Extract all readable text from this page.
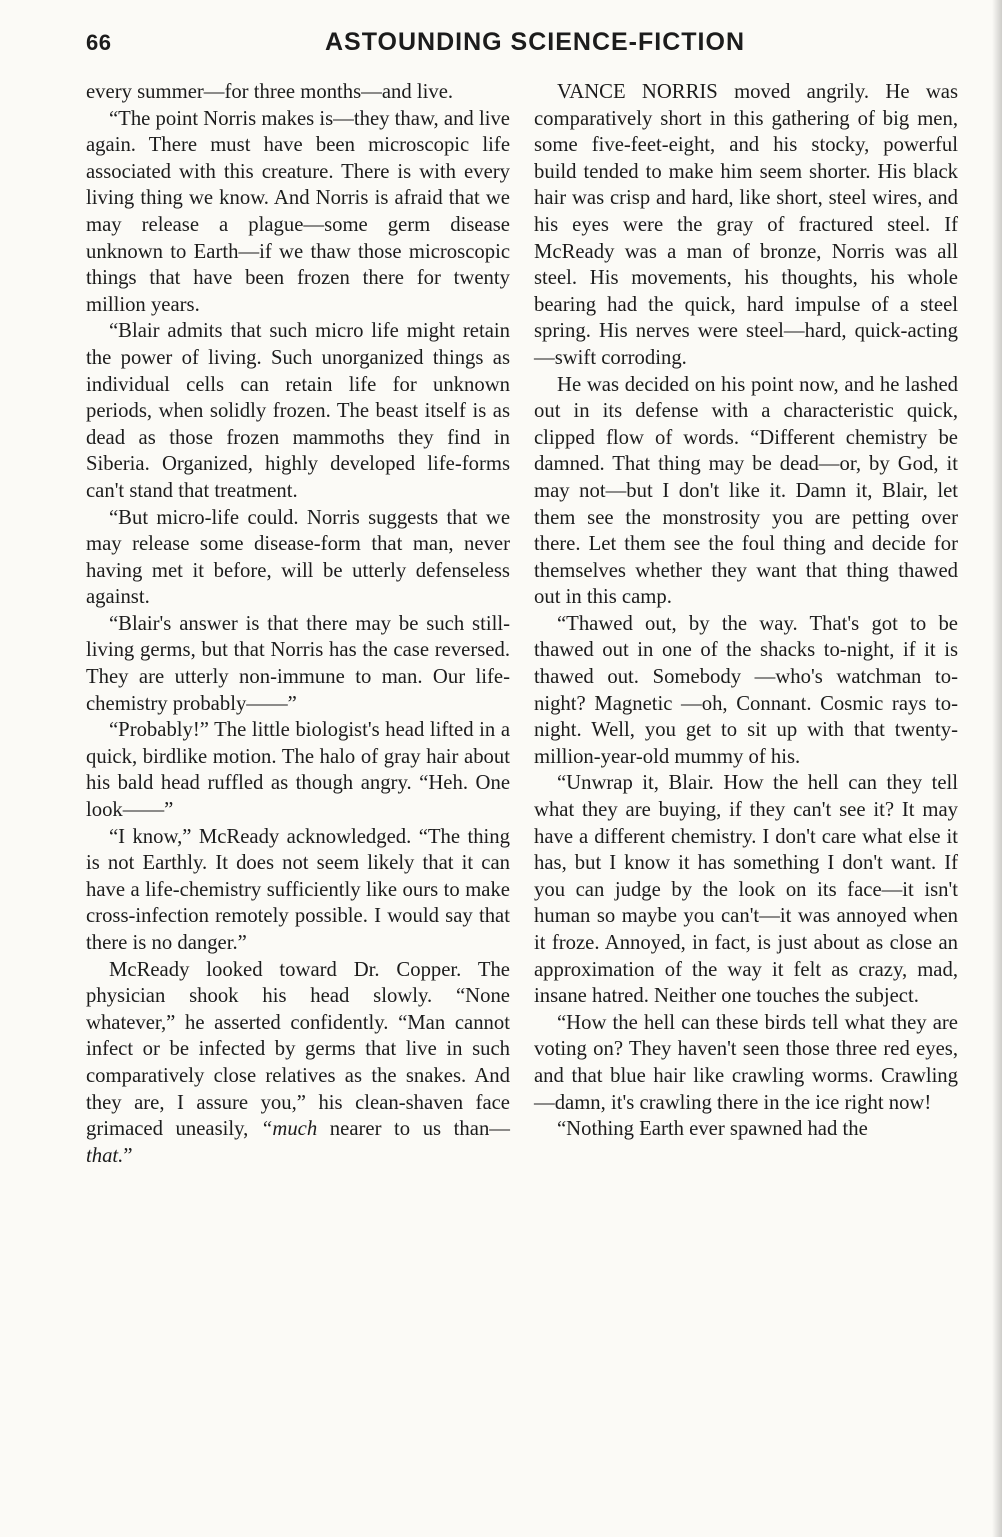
66	ASTOUNDING SCIENCE-FICTION

every summer—for three months—and live.

“The point Norris makes is—they thaw, and live again. There must have been microscopic life associated with this creature. There is with every living thing we know. And Norris is afraid that we may release a plague—some germ disease unknown to Earth—if we thaw those microscopic things that have been frozen there for twenty million years.

“Blair admits that such micro life might retain the power of living. Such unorganized things as individual cells can retain life for unknown periods, when solidly frozen. The beast itself is as dead as those frozen mammoths they find in Siberia. Organized, highly developed life-forms can't stand that treatment.

“But micro-life could. Norris suggests that we may release some disease-form that man, never having met it before, will be utterly defenseless against.

“Blair's answer is that there may be such still-living germs, but that Norris has the case reversed. They are utterly non-immune to man. Our life-chemistry probably——”

“Probably!” The little biologist's head lifted in a quick, birdlike motion. The halo of gray hair about his bald head ruffled as though angry. “Heh. One look——”

“I know,” McReady acknowledged. “The thing is not Earthly. It does not seem likely that it can have a life-chemistry sufficiently like ours to make cross-infection remotely possible. I would say that there is no danger.”

McReady looked toward Dr. Copper. The physician shook his head slowly. “None whatever,” he asserted confidently. “Man cannot infect or be infected by germs that live in such comparatively close relatives as the snakes. And they are, I assure you,” his clean-shaven face grimaced uneasily, “much nearer to us than—that.”

VANCE NORRIS moved angrily. He was comparatively short in this gathering of big men, some five-feet-eight, and his stocky, powerful build tended to make him seem shorter. His black hair was crisp and hard, like short, steel wires, and his eyes were the gray of fractured steel. If McReady was a man of bronze, Norris was all steel. His movements, his thoughts, his whole bearing had the quick, hard impulse of a steel spring. His nerves were steel—hard, quick-acting—swift corroding.

He was decided on his point now, and he lashed out in its defense with a characteristic quick, clipped flow of words. “Different chemistry be damned. That thing may be dead—or, by God, it may not—but I don't like it. Damn it, Blair, let them see the monstrosity you are petting over there. Let them see the foul thing and decide for themselves whether they want that thing thawed out in this camp.

“Thawed out, by the way. That's got to be thawed out in one of the shacks to-night, if it is thawed out. Somebody —who's watchman to-night? Magnetic —oh, Connant. Cosmic rays to-night. Well, you get to sit up with that twenty-million-year-old mummy of his.

“Unwrap it, Blair. How the hell can they tell what they are buying, if they can't see it? It may have a different chemistry. I don't care what else it has, but I know it has something I don't want. If you can judge by the look on its face—it isn't human so maybe you can't—it was annoyed when it froze. Annoyed, in fact, is just about as close an approximation of the way it felt as crazy, mad, insane hatred. Neither one touches the subject.

“How the hell can these birds tell what they are voting on? They haven't seen those three red eyes, and that blue hair like crawling worms. Crawling—damn, it's crawling there in the ice right now!

“Nothing Earth ever spawned had the
